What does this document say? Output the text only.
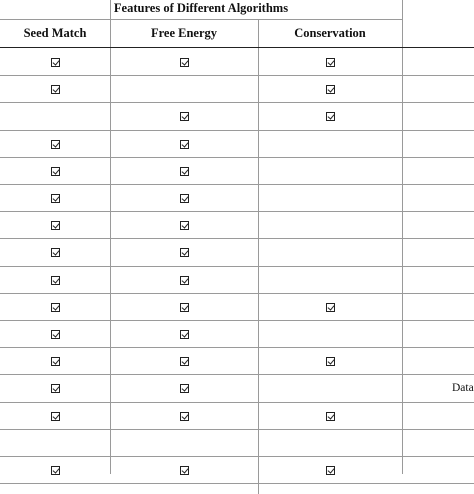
Features of Different Algorithms
Seed Match	Free Energy	Conservation
Data
